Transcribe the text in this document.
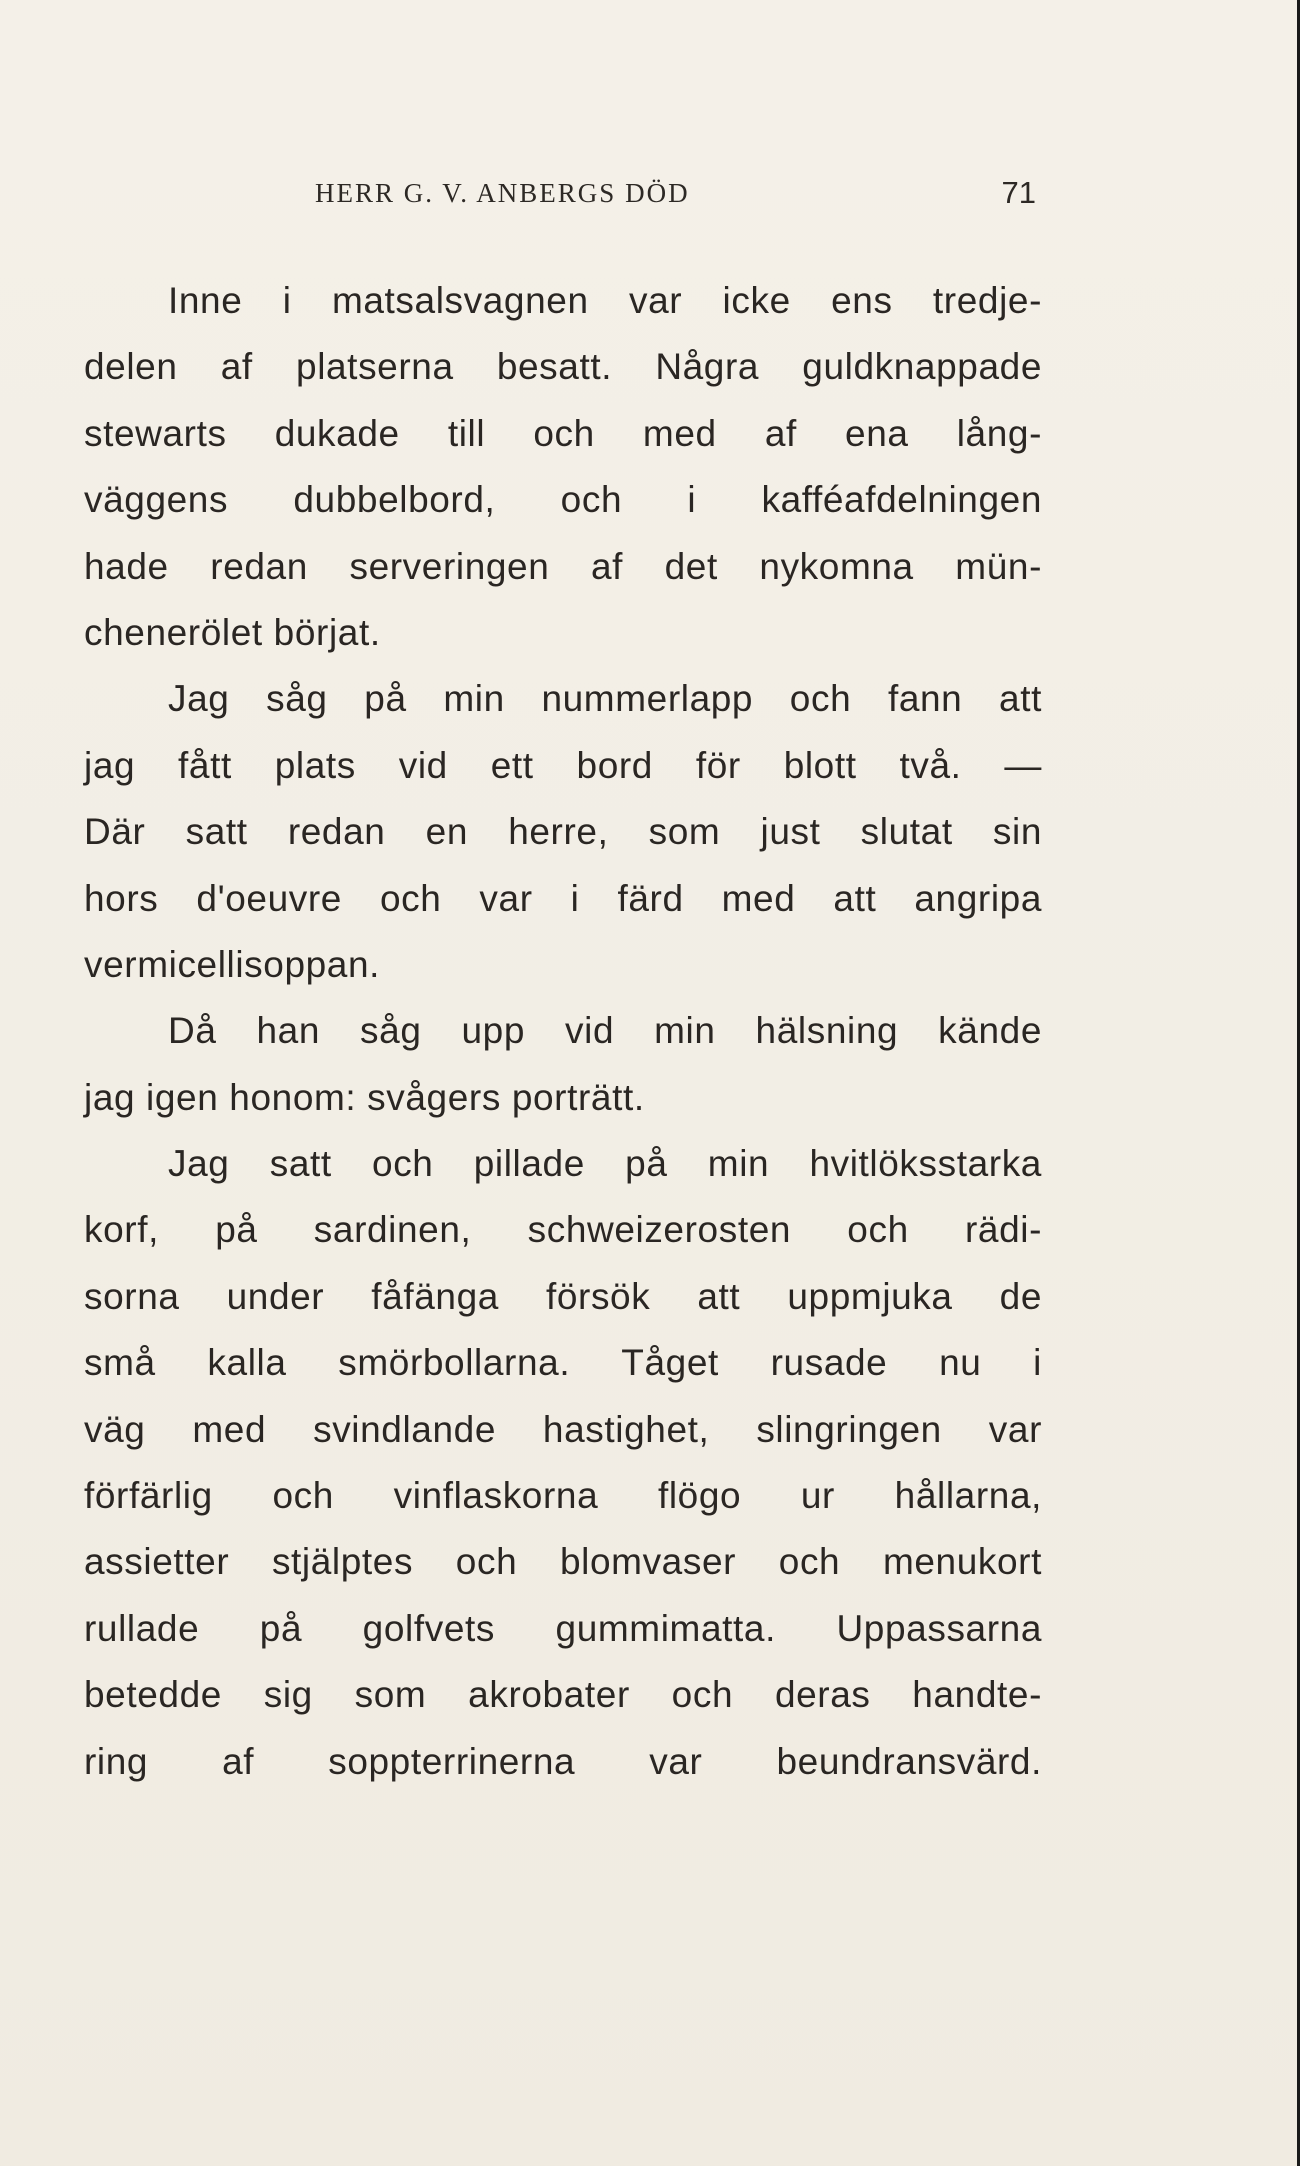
HERR G. V. ANBERGS DÖD	71
Inne i matsalsvagnen var icke ens tredje-
delen af platserna besatt. Några guldknappade
stewarts dukade till och med af ena lång-
väggens dubbelbord, och i kafféafdelningen
hade redan serveringen af det nykomna mün-
chenerölet börjat.
Jag såg på min nummerlapp och fann att
jag fått plats vid ett bord för blott två. —
Där satt redan en herre, som just slutat sin
hors d'oeuvre och var i färd med att angripa
vermicellisoppan.
Då han såg upp vid min hälsning kände
jag igen honom: svågers porträtt.
Jag satt och pillade på min hvitlöksstarka
korf, på sardinen, schweizerosten och rädi-
sorna under fåfänga försök att uppmjuka de
små kalla smörbollarna. Tåget rusade nu i
väg med svindlande hastighet, slingringen var
förfärlig och vinflaskorna flögo ur hållarna,
assietter stjälptes och blomvaser och menukort
rullade på golfvets gummimatta. Uppassarna
betedde sig som akrobater och deras handte-
ring af soppterrinerna var beundransvärd.
